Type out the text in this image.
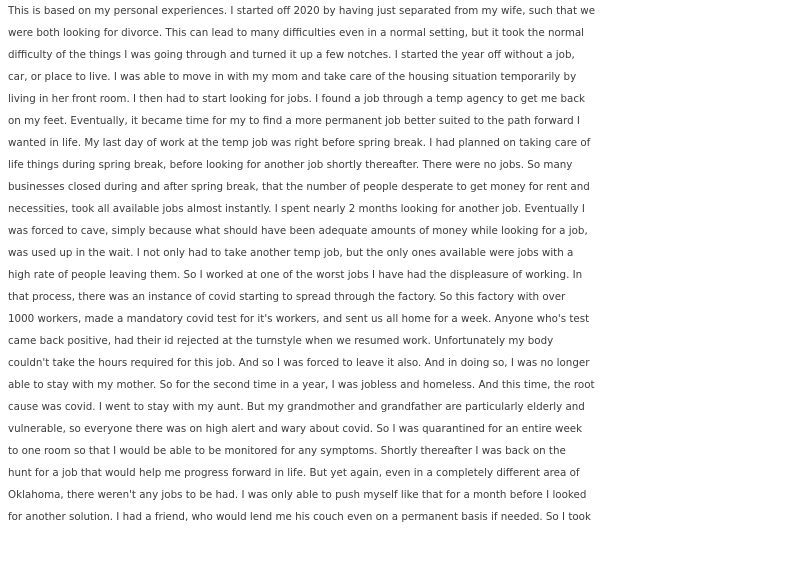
This is based on my personal experiences. I started off 2020 by having just separated from my wife, such that we

were both looking for divorce. This can lead to many difficulties even in a normal setting, but it took the normal

difficulty of the things I was going through and turned it up a few notches. I started the year off without a job,

car, or place to live. I was able to move in with my mom and take care of the housing situation temporarily by

living in her front room. I then had to start looking for jobs. I found a job through a temp agency to get me back

on my feet. Eventually, it became time for my to find a more permanent job better suited to the path forward I

wanted in life. My last day of work at the temp job was right before spring break. I had planned on taking care of

life things during spring break, before looking for another job shortly thereafter. There were no jobs. So many

businesses closed during and after spring break, that the number of people desperate to get money for rent and

necessities, took all available jobs almost instantly. I spent nearly 2 months looking for another job. Eventually I

was forced to cave, simply because what should have been adequate amounts of money while looking for a job,

was used up in the wait. I not only had to take another temp job, but the only ones available were jobs with a

high rate of people leaving them. So I worked at one of the worst jobs I have had the displeasure of working. In

that process, there was an instance of covid starting to spread through the factory. So this factory with over

1000 workers, made a mandatory covid test for it's workers, and sent us all home for a week. Anyone who's test

came back positive, had their id rejected at the turnstyle when we resumed work. Unfortunately my body

couldn't take the hours required for this job. And so I was forced to leave it also. And in doing so, I was no longer

able to stay with my mother. So for the second time in a year, I was jobless and homeless. And this time, the root

cause was covid. I went to stay with my aunt. But my grandmother and grandfather are particularly elderly and

vulnerable, so everyone there was on high alert and wary about covid. So I was quarantined for an entire week

to one room so that I would be able to be monitored for any symptoms. Shortly thereafter I was back on the

hunt for a job that would help me progress forward in life. But yet again, even in a completely different area of

Oklahoma, there weren't any jobs to be had. I was only able to push myself like that for a month before I looked

for another solution. I had a friend, who would lend me his couch even on a permanent basis if needed. So I took
